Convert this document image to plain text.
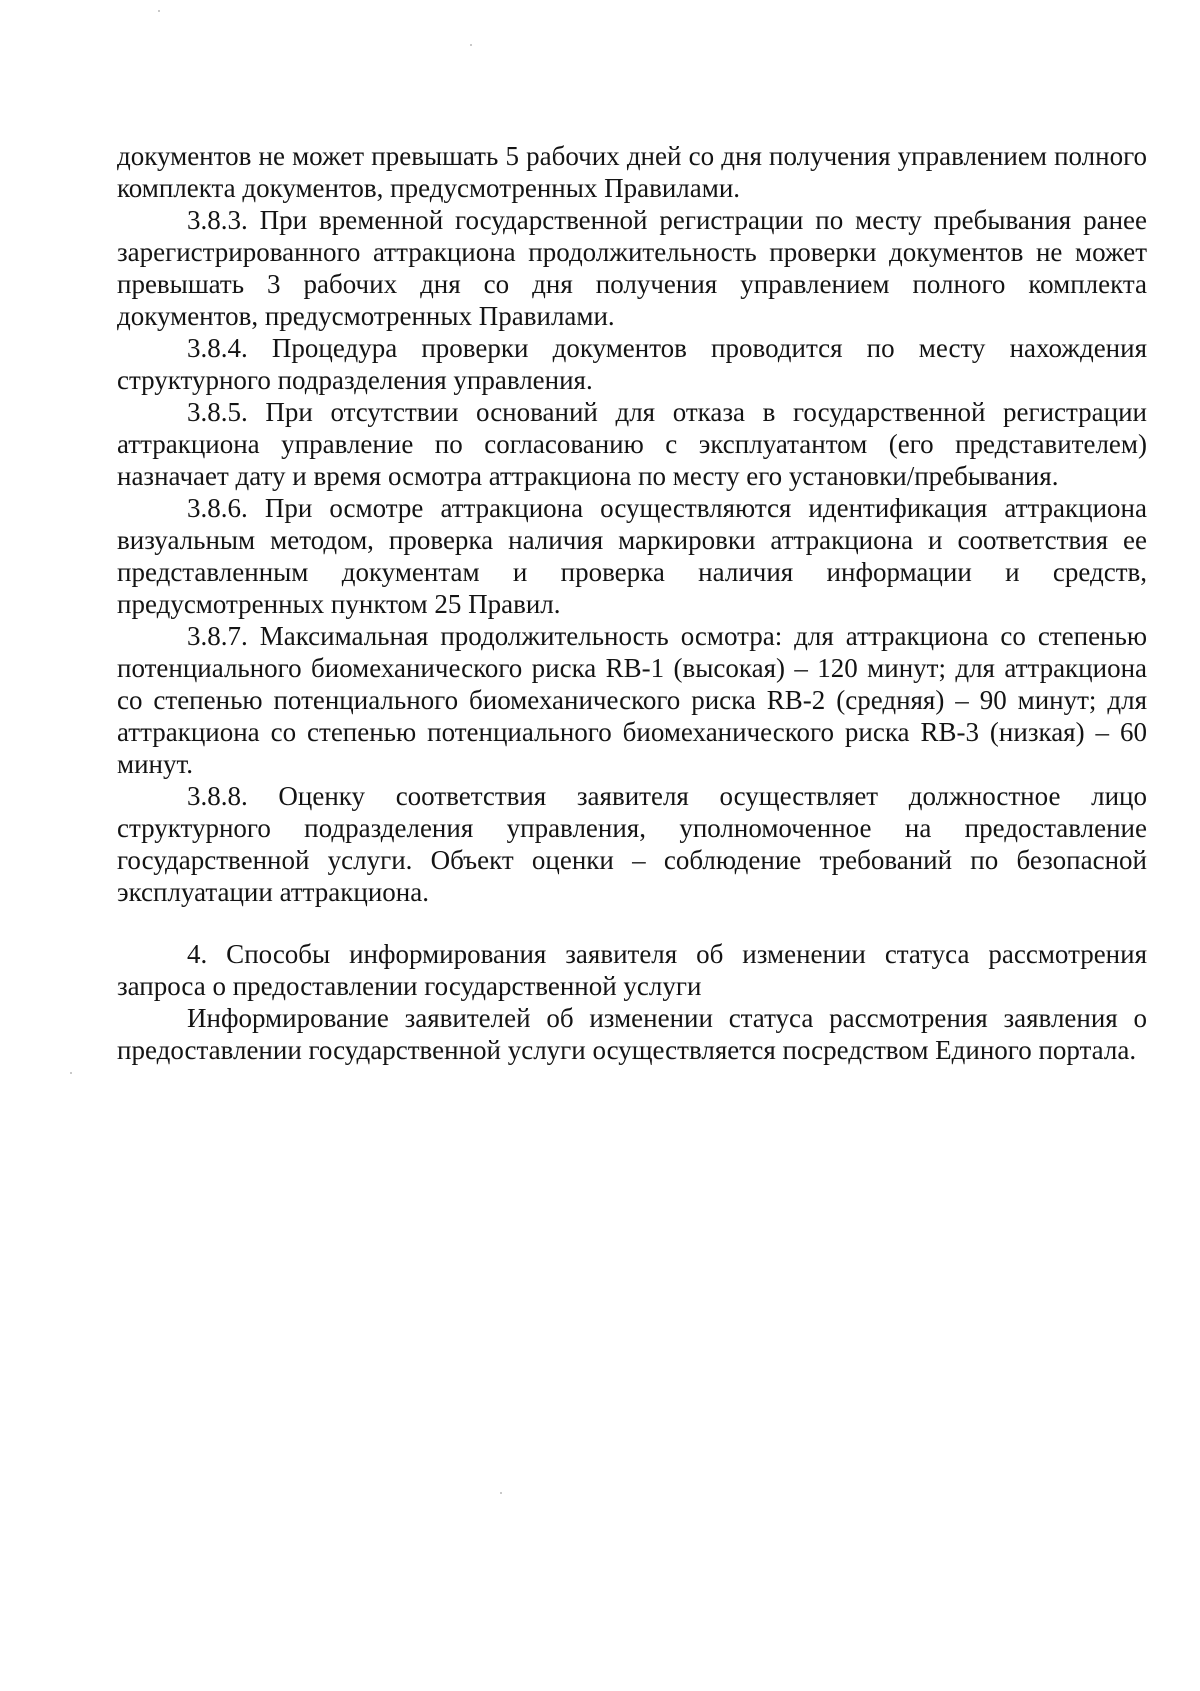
документов не может превышать 5 рабочих дней со дня получения управлением полного комплекта документов, предусмотренных Правилами.

3.8.3. При временной государственной регистрации по месту пребывания ранее зарегистрированного аттракциона продолжительность проверки документов не может превышать 3 рабочих дня со дня получения управлением полного комплекта документов, предусмотренных Правилами.

3.8.4. Процедура проверки документов проводится по месту нахождения структурного подразделения управления.

3.8.5. При отсутствии оснований для отказа в государственной регистрации аттракциона управление по согласованию с эксплуатантом (его представителем) назначает дату и время осмотра аттракциона по месту его установки/пребывания.

3.8.6. При осмотре аттракциона осуществляются идентификация аттракциона визуальным методом, проверка наличия маркировки аттракциона и соответствия ее представленным документам и проверка наличия информации и средств, предусмотренных пунктом 25 Правил.

3.8.7. Максимальная продолжительность осмотра: для аттракциона со степенью потенциального биомеханического риска RB-1 (высокая) – 120 минут; для аттракциона со степенью потенциального биомеханического риска RB-2 (средняя) – 90 минут; для аттракциона со степенью потенциального биомеханического риска RB-3 (низкая) – 60 минут.

3.8.8. Оценку соответствия заявителя осуществляет должностное лицо структурного подразделения управления, уполномоченное на предоставление государственной услуги. Объект оценки – соблюдение требований по безопасной эксплуатации аттракциона.

4. Способы информирования заявителя об изменении статуса рассмотрения запроса о предоставлении государственной услуги

Информирование заявителей об изменении статуса рассмотрения заявления о предоставлении государственной услуги осуществляется посредством Единого портала.
